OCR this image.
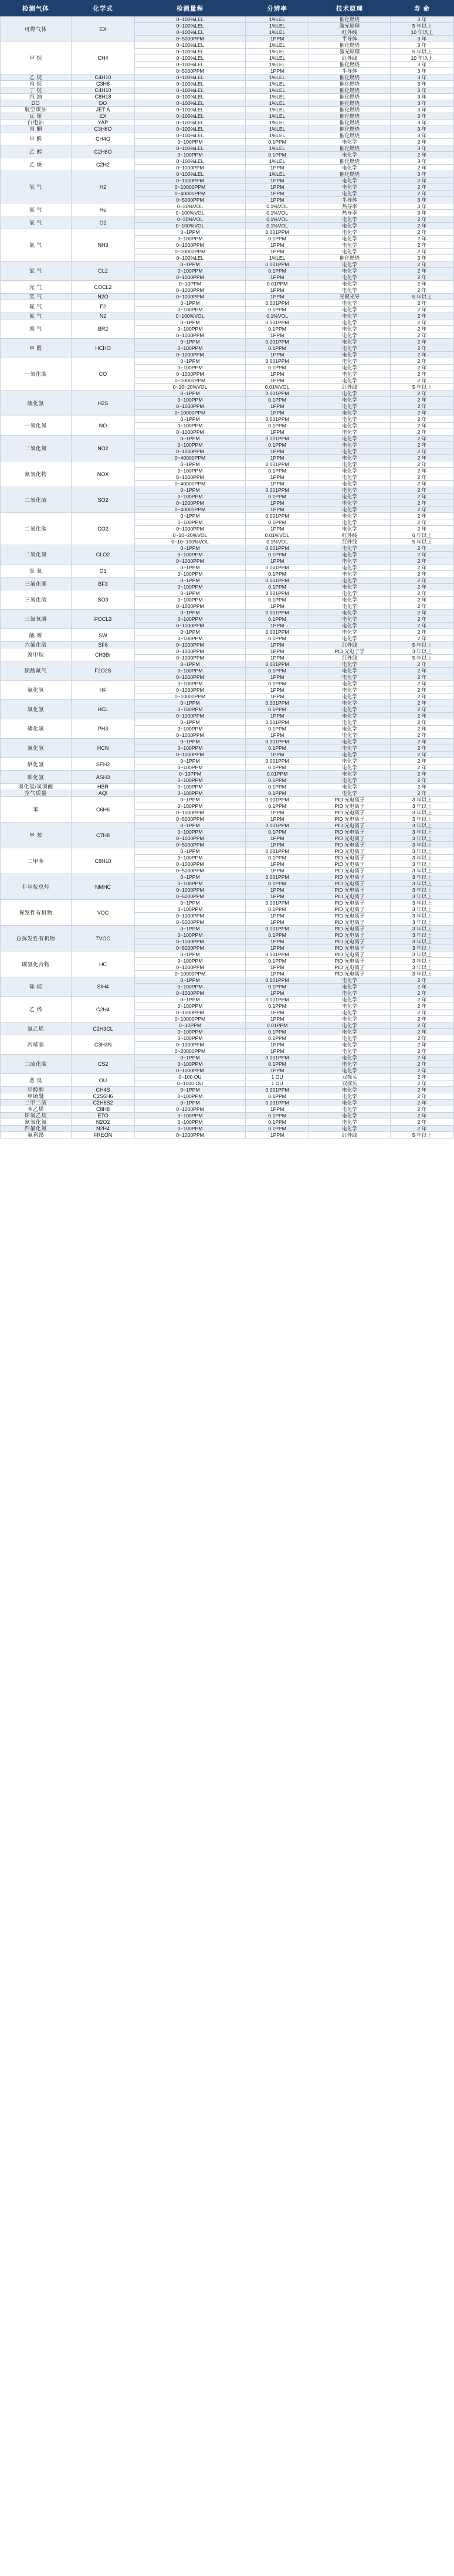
检测气体	化学式	检测量程	分辨率	技术原理	寿 命
可燃气体	EX	0~100%LEL	1%LEL	催化燃烧	3 年
		0~100%LEL	1%LEL	激光原理	5 年以上
		0~100%LEL	1%LEL	红外线	10 年以上
		0~5000PPM	1PPM	半导体	3 年
甲 烷	CH4	0~100%LEL	1%LEL	催化燃烧	3 年
		0~100%LEL	1%LEL	激光原理	5 年以上
		0~100%LEL	1%LEL	红外线	10 年以上
		0~100%LEL	1%LEL	催化燃烧	3 年
		0~5000PPM	1PPM	半导体	3 年
乙 烷	C4H10	0~100%LEL	1%LEL	催化燃烧	3 年
丙 烷	C3H8	0~100%LEL	1%LEL	催化燃烧	3 年
丁 烷	C4H10	0~100%LEL	1%LEL	催化燃烧	3 年
汽 油	C8H18	0~100%LEL	1%LEL	催化燃烧	3 年
DO	DO	0~100%LEL	1%LEL	催化燃烧	3 年
航空煤油	JET A	0~100%LEL	1%LEL	催化燃烧	3 年
瓦 斯	EX	0~100%LEL	1%LEL	催化燃烧	3 年
白电油	YAP	0~100%LEL	1%LEL	催化燃烧	3 年
丙 酮	C3H6O	0~100%LEL	1%LEL	催化燃烧	3 年
甲 醛	CH4O	0~100%LEL	1%LEL	催化燃烧	3 年
		0~100PPM	0.1PPM	电化学	2 年
乙 醇	C2H6O	0~100%LEL	1%LEL	催化燃烧	3 年
		0~100PPM	0.1PPM	电化学	2 年
乙 炔	C2H2	0~100%LEL	1%LEL	催化燃烧	3 年
		0~1000PPM	1PPM	电化学	2 年
氢 气	H2	0~100%LEL	1%LEL	催化燃烧	3 年
		0~1000PPM	1PPM	电化学	2 年
		0~10000PPM	1PPM	电化学	2 年
		0~40000PPM	1PPM	电化学	2 年
		0~5000PPM	1PPM	半导体	3 年
氦 气	He	0~30%VOL	0.1%VOL	热导率	3 年
		0~100%VOL	0.1%VOL	热导率	3 年
氧 气	O2	0~30%VOL	0.1%VOL	电化学	2 年
		0~100%VOL	0.1%VOL	电化学	2 年
氨 气	NH3	0~1PPM	0.001PPM	电化学	2 年
		0~100PPM	0.1PPM	电化学	2 年
		0~1000PPM	1PPM	电化学	2 年
		0~10000PPM	1PPM	电化学	2 年
		0~100%LEL	1%LEL	催化燃烧	3 年
氯 气	CL2	0~1PPM	0.001PPM	电化学	2 年
		0~100PPM	0.1PPM	电化学	2 年
		0~1000PPM	1PPM	电化学	2 年
光 气	COCL2	0~10PPM	0.01PPM	电化学	2 年
		0~1000PPM	1PPM	电化学	2 年
笑 气	N2O	0~1000PPM	1PPM	光聚光导	5 年以上
氟 气	F2	0~1PPM	0.001PPM	电化学	2 年
		0~100PPM	0.1PPM	电化学	2 年
氮 气	N2	0~100%VOL	0.1%VOL	电化学	2 年
溴 气	BR2	0~1PPM	0.001PPM	电化学	2 年
		0~100PPM	0.1PPM	电化学	2 年
		0~1000PPM	1PPM	电化学	2 年
甲 醛	HCHO	0~1PPM	0.001PPM	电化学	2 年
		0~100PPM	0.1PPM	电化学	2 年
		0~1000PPM	1PPM	电化学	2 年
一氧化碳	CO	0~1PPM	0.001PPM	电化学	2 年
		0~100PPM	0.1PPM	电化学	2 年
		0~1000PPM	1PPM	电化学	2 年
		0~10000PPM	1PPM	电化学	2 年
		0~10~20%VOL	0.01%VOL	红外线	5 年以上
硫化氢	H2S	0~1PPM	0.001PPM	电化学	2 年
		0~100PPM	0.1PPM	电化学	2 年
		0~1000PPM	1PPM	电化学	2 年
		0~10000PPM	1PPM	电化学	2 年
一氧化氮	NO	0~1PPM	0.001PPM	电化学	2 年
		0~100PPM	0.1PPM	电化学	2 年
		0~1000PPM	1PPM	电化学	2 年
二氧化氮	NO2	0~1PPM	0.001PPM	电化学	2 年
		0~100PPM	0.1PPM	电化学	2 年
		0~1000PPM	1PPM	电化学	2 年
		0~40000PPM	1PPM	电化学	2 年
氮氧化物	NOX	0~1PPM	0.001PPM	电化学	2 年
		0~100PPM	0.1PPM	电化学	2 年
		0~1000PPM	1PPM	电化学	2 年
		0~40000PPM	1PPM	电化学	2 年
二氧化硫	SO2	0~1PPM	0.001PPM	电化学	2 年
		0~100PPM	0.1PPM	电化学	2 年
		0~1000PPM	1PPM	电化学	2 年
		0~40000PPM	1PPM	电化学	2 年
二氧化碳	CO2	0~1PPM	0.001PPM	电化学	2 年
		0~100PPM	0.1PPM	电化学	2 年
		0~1000PPM	1PPM	电化学	2 年
		0~10~20%VOL	0.01%VOL	红外线	6 年以上
		0~10~100%VOL	0.1%VOL	红外线	5 年以上
二氧化氯	CLO2	0~1PPM	0.001PPM	电化学	2 年
		0~100PPM	0.1PPM	电化学	2 年
		0~1000PPM	1PPM	电化学	2 年
臭 氧	O3	0~1PPM	0.001PPM	电化学	2 年
		0~100PPM	0.1PPM	电化学	2 年
三氟化硼	BF3	0~1PPM	0.001PPM	电化学	2 年
		0~100PPM	0.1PPM	电化学	2 年
三氧化硫	SO3	0~1PPM	0.001PPM	电化学	2 年
		0~100PPM	0.1PPM	电化学	2 年
		0~1000PPM	1PPM	电化学	2 年
三氯氧磷	POCL3	0~1PPM	0.001PPM	电化学	2 年
		0~100PPM	0.1PPM	电化学	2 年
		0~1000PPM	1PPM	电化学	2 年
酸 雾	SW	0~1PPM	0.001PPM	电化学	2 年
		0~100PPM	0.1PPM	电化学	2 年
六氟化硫	SF6	0~1000PPM	1PPM	红外线	5 年以上
溴甲烷	CH3Br	0~1000PPM	1PPM	PID 光电子学	3 年以上
		0~1000PPM	1PPM	红外线	5 年以上
硫酰氟气	F2O2S	0~1PPM	0.001PPM	电化学	2 年
		0~100PPM	0.1PPM	电化学	2 年
		0~1000PPM	1PPM	电化学	2 年
氟化氢	HF	0~100PPM	0.1PPM	电化学	2 年
		0~1000PPM	1PPM	电化学	2 年
		0~10000PPM	1PPM	电化学	2 年
氯化氢	HCL	0~1PPM	0.001PPM	电化学	2 年
		0~100PPM	0.1PPM	电化学	2 年
		0~1000PPM	1PPM	电化学	2 年
磷化氢	PH3	0~1PPM	0.001PPM	电化学	2 年
		0~100PPM	0.1PPM	电化学	2 年
		0~1000PPM	1PPM	电化学	2 年
氰化氢	HCN	0~1PPM	0.001PPM	电化学	2 年
		0~100PPM	0.1PPM	电化学	2 年
		0~1000PPM	1PPM	电化学	2 年
硒化氢	SEH2	0~1PPM	0.001PPM	电化学	2 年
		0~100PPM	0.1PPM	电化学	2 年
砷化氢	ASH3	0~10PPM	0.01PPM	电化学	2 年
		0~100PPM	0.1PPM	电化学	2 年
溴化氢/氢溴酸	HBR	0~100PPM	0.1PPM	电化学	2 年
空气质量	AQI	0~100PPM	0.1PPM	电化学	2 年
苯	C6H6	0~1PPM	0.001PPM	PID 光电离子	3 年以上
		0~100PPM	0.1PPM	PID 光电离子	3 年以上
		0~1000PPM	1PPM	PID 光电离子	3 年以上
		0~5000PPM	1PPM	PID 光电离子	3 年以上
甲 苯	C7H8	0~1PPM	0.001PPM	PID 光电离子	3 年以上
		0~100PPM	0.1PPM	PID 光电离子	3 年以上
		0~1000PPM	1PPM	PID 光电离子	3 年以上
		0~5000PPM	1PPM	PID 光电离子	3 年以上
二甲苯	C8H10	0~1PPM	0.001PPM	PID 光电离子	3 年以上
		0~100PPM	0.1PPM	PID 光电离子	3 年以上
		0~1000PPM	1PPM	PID 光电离子	3 年以上
		0~5000PPM	1PPM	PID 光电离子	3 年以上
非甲烷总烃	NMHC	0~1PPM	0.001PPM	PID 光电离子	3 年以上
		0~100PPM	0.1PPM	PID 光电离子	3 年以上
		0~1000PPM	1PPM	PID 光电离子	3 年以上
		0~5000PPM	1PPM	PID 光电离子	3 年以上
挥发性有机物	VOC	0~1PPM	0.001PPM	PID 光电离子	3 年以上
		0~100PPM	0.1PPM	PID 光电离子	3 年以上
		0~1000PPM	1PPM	PID 光电离子	3 年以上
		0~5000PPM	1PPM	PID 光电离子	3 年以上
总挥发性有机物	TVOC	0~1PPM	0.001PPM	PID 光电离子	3 年以上
		0~100PPM	0.1PPM	PID 光电离子	3 年以上
		0~1000PPM	1PPM	PID 光电离子	3 年以上
		0~5000PPM	1PPM	PID 光电离子	3 年以上
碳氢化合物	HC	0~1PPM	0.001PPM	PID 光电离子	3 年以上
		0~100PPM	0.1PPM	PID 光电离子	3 年以上
		0~1000PPM	1PPM	PID 光电离子	3 年以上
		0~10000PPM	1PPM	PID 光电离子	3 年以上
硅 烷	SIH4	0~1PPM	0.001PPM	电化学	2 年
		0~100PPM	0.1PPM	电化学	2 年
		0~1000PPM	1PPM	电化学	2 年
乙 烯	C2H4	0~1PPM	0.001PPM	电化学	2 年
		0~100PPM	0.1PPM	电化学	2 年
		0~1000PPM	1PPM	电化学	2 年
		0~10000PPM	1PPM	电化学	2 年
氯乙烯	C2H3CL	0~10PPM	0.01PPM	电化学	2 年
		0~100PPM	0.1PPM	电化学	2 年
丙烯腈	C3H3N	0~100PPM	0.1PPM	电化学	2 年
		0~1000PPM	1PPM	电化学	2 年
		0~20000PPM	1PPM	电化学	2 年
二硫化碳	CS2	0~1PPM	0.001PPM	电化学	2 年
		0~100PPM	0.1PPM	电化学	2 年
		0~1000PPM	1PPM	电化学	2 年
恶 臭	OU	0~100 OU	1 OU	双探头	2 年
		0~1000 OU	1 OU	双探头	2 年
甲醇醇	CH4S	0~1PPM	0.001PPM	电化学	2 年
甲硫醚	C2S6H6	0~100PPM	0.1PPM	电化学	2 年
二甲二硫	C2H6S2	0~1PPM	0.001PPM	电化学	2 年
苯乙烯	C8H8	0~1000PPM	1PPM	电化学	2 年
环氧乙烷	ETO	0~100PPM	0.1PPM	电化学	2 年
氮氧化氮	N2O2	0~100PPM	0.1PPM	电化学	2 年
四氟化氮	N2H4	0~100PPM	0.1PPM	电化学	2 年
氟利昂	FREON	0~1000PPM	1PPM	红外线	5 年以上
